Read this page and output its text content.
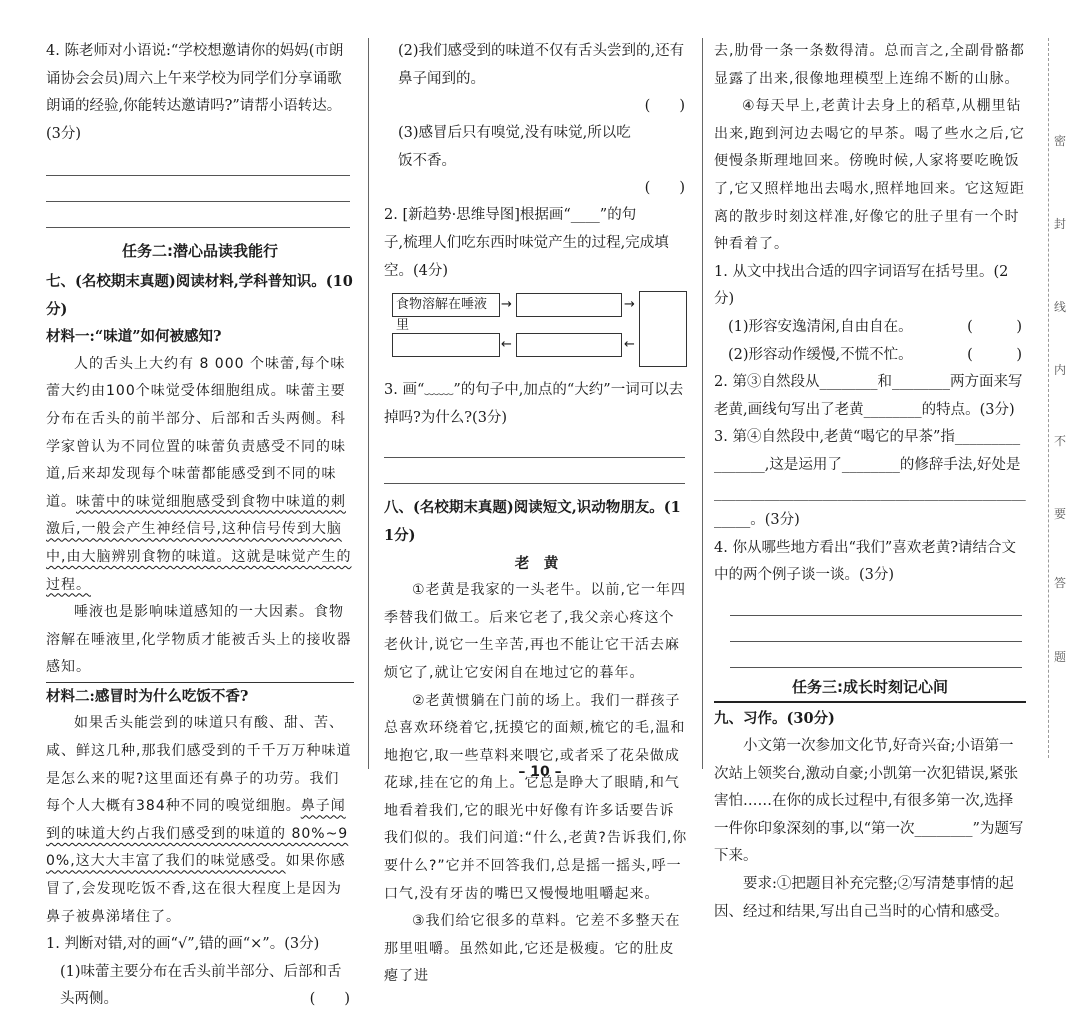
4. 陈老师对小语说:“学校想邀请你的妈妈(市朗诵协会会员)周六上午来学校为同学们分享诵歌朗诵的经验,你能转达邀请吗?”请帮小语转达。(3分)
任务二:潜心品读我能行
七、(名校期末真题)阅读材料,学科普知识。(10分)
材料一:“味道”如何被感知?
人的舌头上大约有 8 000 个味蕾,每个味蕾大约由100个味觉受体细胞组成。味蕾主要分布在舌头的前半部分、后部和舌头两侧。科学家曾认为不同位置的味蕾负责感受不同的味道,后来却发现每个味蕾都能感受到不同的味道。味蕾中的味觉细胞感受到食物中味道的刺激后,一般会产生神经信号,这种信号传到大脑中,由大脑辨别食物的味道。这就是味觉产生的过程。
唾液也是影响味道感知的一大因素。食物溶解在唾液里,化学物质才能被舌头上的接收器感知。
材料二:感冒时为什么吃饭不香?
如果舌头能尝到的味道只有酸、甜、苦、咸、鲜这几种,那我们感受到的千千万万种味道是怎么来的呢?这里面还有鼻子的功劳。我们每个人大概有384种不同的嗅觉细胞。鼻子闻到的味道大约占我们感受到的味道的 80%~90%,这大大丰富了我们的味觉感受。如果你感冒了,会发现吃饭不香,这在很大程度上是因为鼻子被鼻涕堵住了。
1. 判断对错,对的画“√”,错的画“×”。(3分)
(1)味蕾主要分布在舌头前半部分、后部和舌头两侧。	(　　)
(2)我们感受到的味道不仅有舌头尝到的,还有鼻子闻到的。
(　　)
(3)感冒后只有嗅觉,没有味觉,所以吃饭不香。
(　　)
2. [新趋势·思维导图]根据画“____”的句子,梳理人们吃东西时味觉产生的过程,完成填空。(4分)
食物溶解在唾液里
→	→
←
←
3. 画“﹏﹏”的句子中,加点的“大约”一词可以去掉吗?为什么?(3分)
八、(名校期末真题)阅读短文,识动物朋友。(11分)
老　黄
①老黄是我家的一头老牛。以前,它一年四季替我们做工。后来它老了,我父亲心疼这个老伙计,说它一生辛苦,再也不能让它干活去麻烦它了,就让它安闲自在地过它的暮年。
②老黄惯躺在门前的场上。我们一群孩子总喜欢环绕着它,抚摸它的面颊,梳它的毛,温和地抱它,取一些草料来喂它,或者采了花朵做成花球,挂在它的角上。它总是睁大了眼睛,和气地看着我们,它的眼光中好像有许多话要告诉我们似的。我们问道:“什么,老黄?告诉我们,你要什么?”它并不回答我们,总是摇一摇头,呼一口气,没有牙齿的嘴巴又慢慢地咀嚼起来。
③我们给它很多的草料。它差不多整天在那里咀嚼。虽然如此,它还是极瘦。它的肚皮瘪了进
去,肋骨一条一条数得清。总而言之,全副骨骼都显露了出来,很像地理模型上连绵不断的山脉。
④每天早上,老黄计去身上的稻草,从棚里钻出来,跑到河边去喝它的早茶。喝了些水之后,它便慢条斯理地回来。傍晚时候,人家将要吃晚饭了,它又照样地出去喝水,照样地回来。它这短距离的散步时刻这样准,好像它的肚子里有一个时钟看着了。
1. 从文中找出合适的四字词语写在括号里。(2分)
(1)形容安逸清闲,自由自在。	(　　　)
(2)形容动作缓慢,不慌不忙。	(　　　)
2. 第③自然段从________和________两方面来写老黄,画线句写出了老黄________的特点。(3分)
3. 第④自然段中,老黄“喝它的早茶”指________________,这是运用了________的修辞手法,好处是________________________________________________。(3分)
4. 你从哪些地方看出“我们”喜欢老黄?请结合文中的两个例子谈一谈。(3分)
任务三:成长时刻记心间
九、习作。(30分)
小文第一次参加文化节,好奇兴奋;小语第一次站上领奖台,激动自豪;小凯第一次犯错误,紧张害怕……在你的成长过程中,有很多第一次,选择一件你印象深刻的事,以“第一次________”为题写下来。
要求:①把题目补充完整;②写清楚事情的起因、经过和结果,写出自己当时的心情和感受。
密
封
线
内
不
要
答
题
– 10 –
